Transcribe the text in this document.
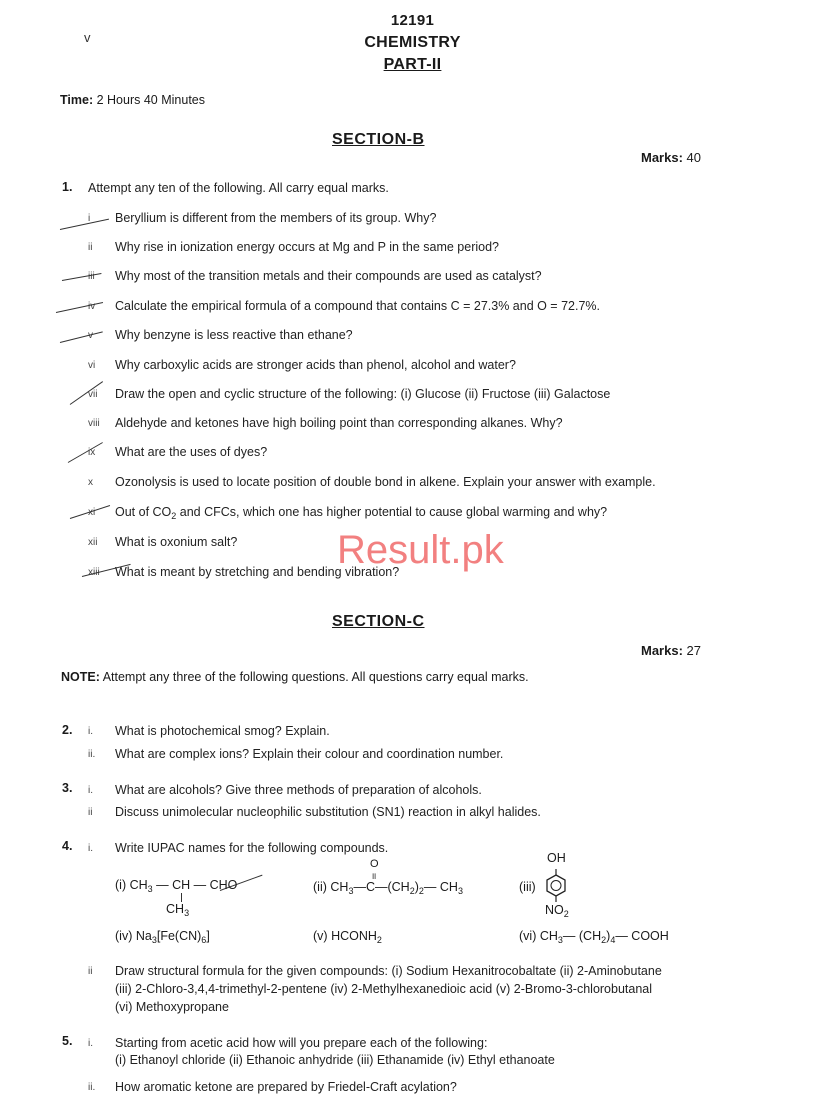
v
12191
CHEMISTRY
PART-II
Time: 2 Hours 40 Minutes
SECTION-B
Marks: 40
1. Attempt any ten of the following. All carry equal marks.
i	Beryllium is different from the members of its group. Why?
ii	Why rise in ionization energy occurs at Mg and P in the same period?
iii	Why most of the transition metals and their compounds are used as catalyst?
iv	Calculate the empirical formula of a compound that contains C = 27.3% and O = 72.7%.
v	Why benzyne is less reactive than ethane?
vi	Why carboxylic acids are stronger acids than phenol, alcohol and water?
vii	Draw the open and cyclic structure of the following: (i) Glucose (ii) Fructose (iii) Galactose
viii	Aldehyde and ketones have high boiling point than corresponding alkanes. Why?
ix	What are the uses of dyes?
x	Ozonolysis is used to locate position of double bond in alkene. Explain your answer with example.
xi	Out of $CO_2$ and CFCs, which one has higher potential to cause global warming and why?
xii	What is oxonium salt?
xiii	What is meant by stretching and bending vibration?
Result.pk
SECTION-C
Marks: 27
NOTE: Attempt any three of the following questions. All questions carry equal marks.
2. i.	What is photochemical smog? Explain.
ii.	What are complex ions? Explain their colour and coordination number.
3. i.	What are alcohols? Give three methods of preparation of alcohols.
ii	Discuss unimolecular nucleophilic substitution (SN1) reaction in alkyl halides.
4. i.	Write IUPAC names for the following compounds.
(i) $CH_3$ — CH — CHO
$CH_3$
O
॥
(ii) $CH_3—C—(CH_2)_2—$ $CH_3$	(iii)
OH
$NO_2$
(iv) $Na_3[Fe(CN)_6]$	(v) $HCONH_2$	(vi) $CH_3—$ $(CH_2)_4—$ COOH
ii	Draw structural formula for the given compounds: (i) Sodium Hexanitrocobaltate (ii) 2-Aminobutane
(iii) 2-Chloro-3,4,4-trimethyl-2-pentene (iv) 2-Methylhexanedioic acid (v) 2-Bromo-3-chlorobutanal
(vi) Methoxypropane
5. i.	Starting from acetic acid how will you prepare each of the following:
(i) Ethanoyl chloride (ii) Ethanoic anhydride (iii) Ethanamide (iv) Ethyl ethanoate
ii.	How aromatic ketone are prepared by Friedel-Craft acylation?
